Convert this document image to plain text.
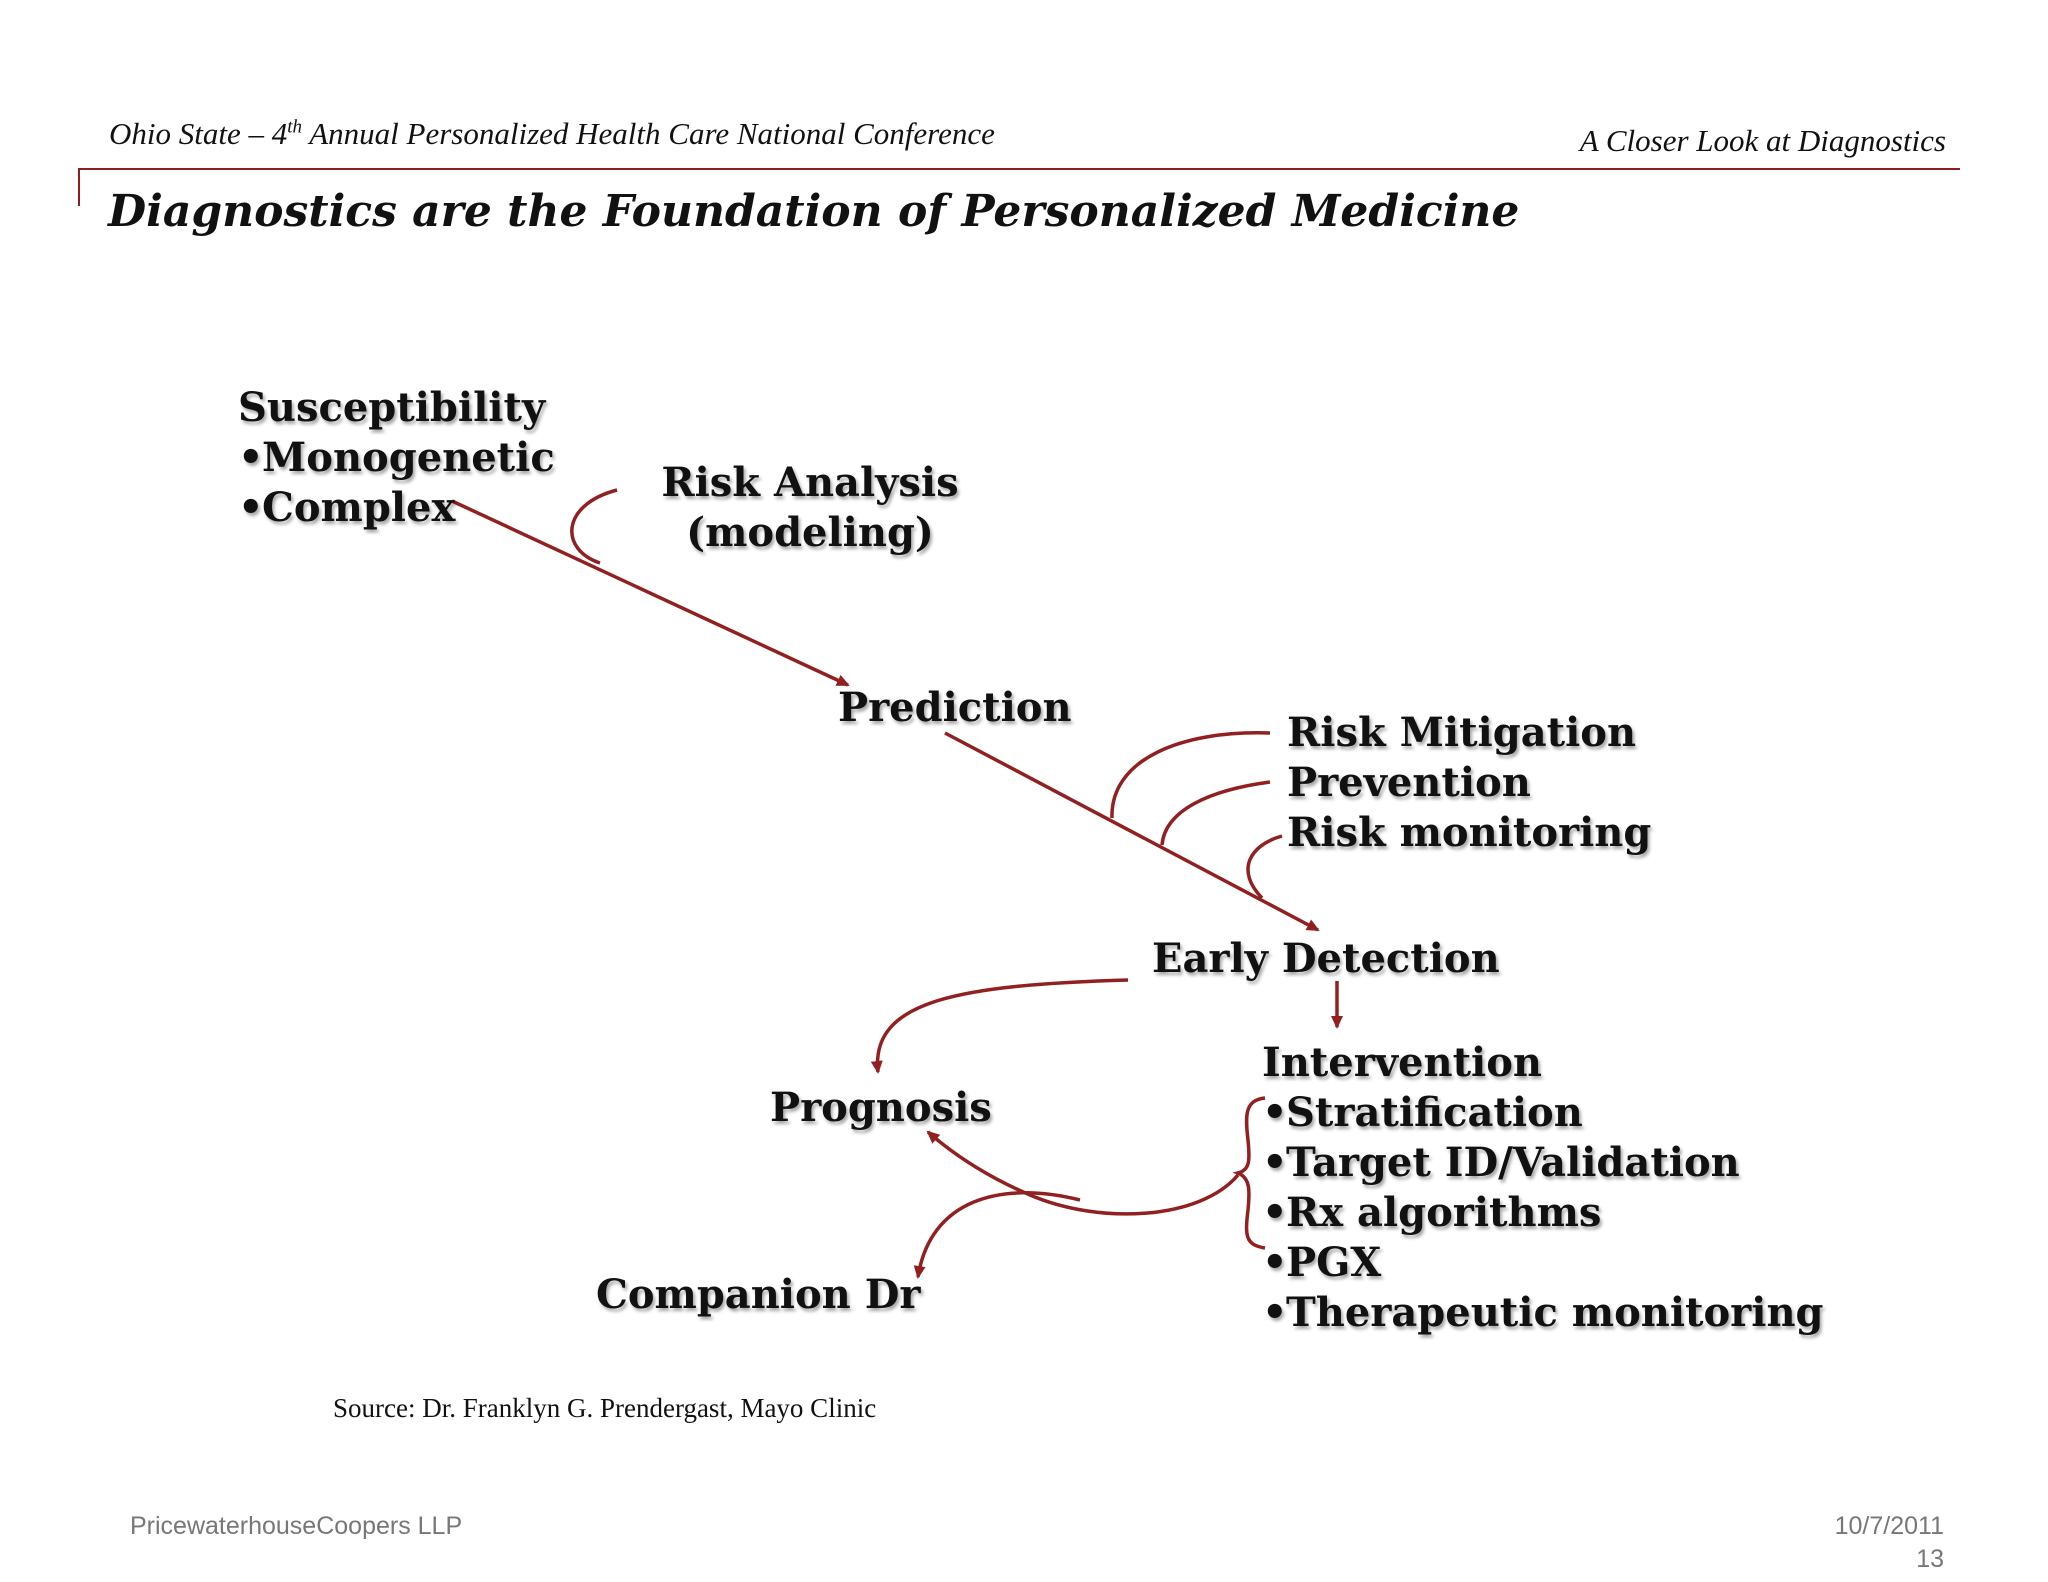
Ohio State – 4th Annual Personalized Health Care National Conference	A Closer Look at Diagnostics
Diagnostics are the Foundation of Personalized Medicine
Susceptibility
•Monogenetic
•Complex
Risk Analysis
(modeling)
Prediction
Risk Mitigation
Prevention
Risk monitoring
Early Detection
Intervention
•Stratification
•Target ID/Validation
•Rx algorithms
•PGX
•Therapeutic monitoring
Prognosis
Companion Dr
Source: Dr. Franklyn G. Prendergast, Mayo Clinic
PricewaterhouseCoopers LLP	10/7/2011
13
